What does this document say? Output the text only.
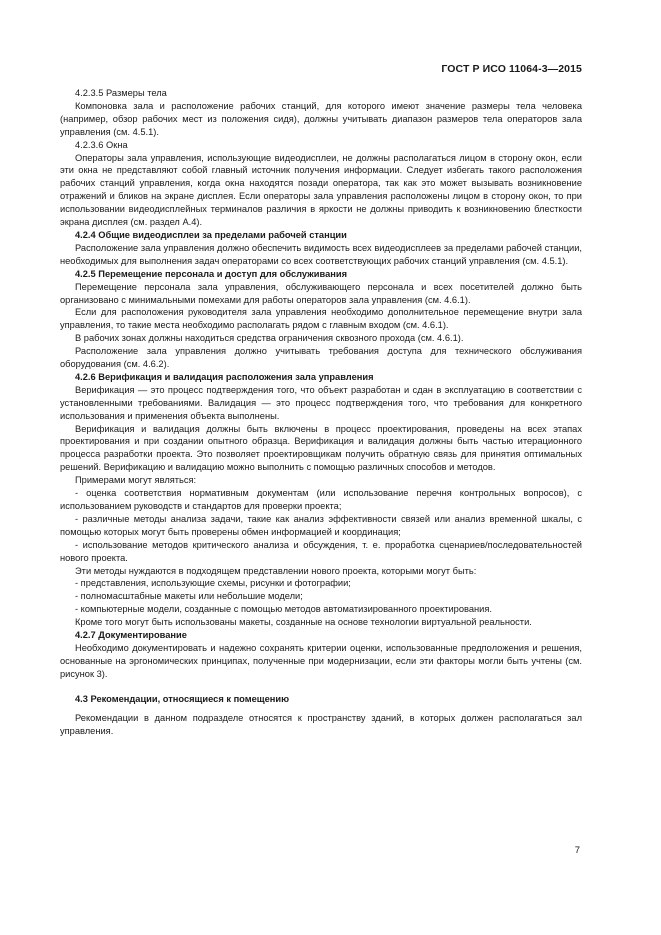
ГОСТ Р ИСО 11064-3—2015

4.2.3.5 Размеры тела

Компоновка зала и расположение рабочих станций, для которого имеют значение размеры тела человека (например, обзор рабочих мест из положения сидя), должны учитывать диапазон размеров тела операторов зала управления (см. 4.5.1).

4.2.3.6 Окна

Операторы зала управления, использующие видеодисплеи, не должны располагаться лицом в сторону окон, если эти окна не представляют собой главный источник получения информации. Следует избегать такого расположения рабочих станций управления, когда окна находятся позади оператора, так как это может вызывать возникновение отражений и бликов на экране дисплея. Если операторы зала управления расположены лицом в сторону окон, то при использовании видеодисплейных терминалов различия в яркости не должны приводить к возникновению блесткости экрана дисплея (см. раздел А.4).

4.2.4 Общие видеодисплеи за пределами рабочей станции

Расположение зала управления должно обеспечить видимость всех видеодисплеев за пределами рабочей станции, необходимых для выполнения задач операторами со всех соответствующих рабочих станций управления (см. 4.5.1).

4.2.5 Перемещение персонала и доступ для обслуживания

Перемещение персонала зала управления, обслуживающего персонала и всех посетителей должно быть организовано с минимальными помехами для работы операторов зала управления (см. 4.6.1).

Если для расположения руководителя зала управления необходимо дополнительное перемещение внутри зала управления, то такие места необходимо располагать рядом с главным входом (см. 4.6.1).

В рабочих зонах должны находиться средства ограничения сквозного прохода (см. 4.6.1).

Расположение зала управления должно учитывать требования доступа для технического обслуживания оборудования (см. 4.6.2).

4.2.6 Верификация и валидация расположения зала управления

Верификация — это процесс подтверждения того, что объект разработан и сдан в эксплуатацию в соответствии с установленными требованиями. Валидация — это процесс подтверждения того, что требования для конкретного использования и применения объекта выполнены.

Верификация и валидация должны быть включены в процесс проектирования, проведены на всех этапах проектирования и при создании опытного образца. Верификация и валидация должны быть частью итерационного процесса разработки проекта. Это позволяет проектировщикам получить обратную связь для принятия оптимальных решений. Верификацию и валидацию можно выполнить с помощью различных способов и методов.

Примерами могут являться:

- оценка соответствия нормативным документам (или использование перечня контрольных вопросов), с использованием руководств и стандартов для проверки проекта;

- различные методы анализа задачи, такие как анализ эффективности связей или анализ временной шкалы, с помощью которых могут быть проверены обмен информацией и координация;

- использование методов критического анализа и обсуждения, т. е. проработка сценариев/последовательностей нового проекта.

Эти методы нуждаются в подходящем представлении нового проекта, которыми могут быть:

- представления, использующие схемы, рисунки и фотографии;

- полномасштабные макеты или небольшие модели;

- компьютерные модели, созданные с помощью методов автоматизированного проектирования.

Кроме того могут быть использованы макеты, созданные на основе технологии виртуальной реальности.

4.2.7 Документирование

Необходимо документировать и надежно сохранять критерии оценки, использованные предположения и решения, основанные на эргономических принципах, полученные при модернизации, если эти факторы могли быть учтены (см. рисунок 3).

4.3 Рекомендации, относящиеся к помещению

Рекомендации в данном подразделе относятся к пространству зданий, в которых должен располагаться зал управления.

7
